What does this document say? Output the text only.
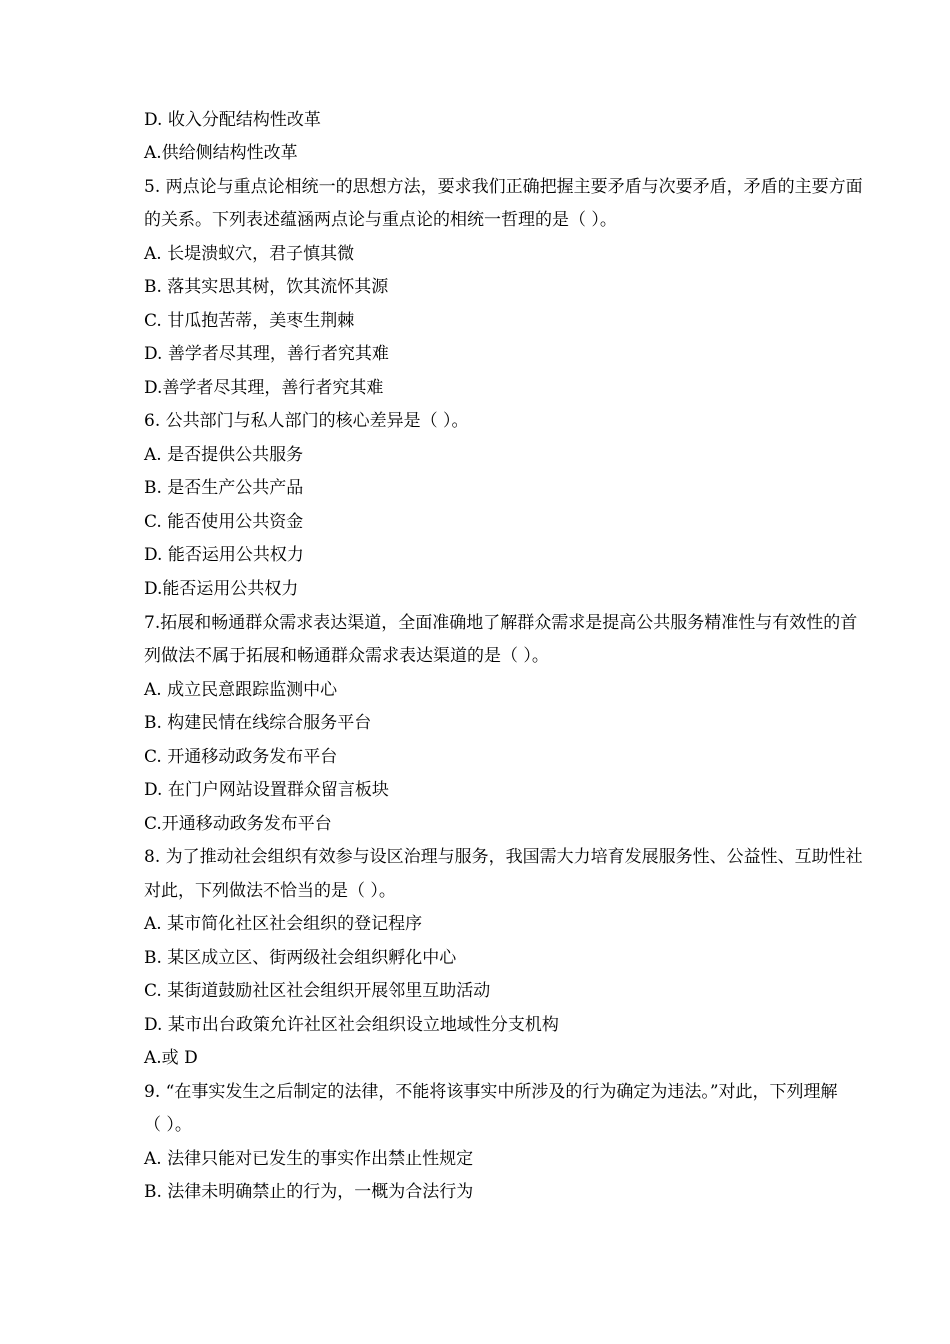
D. 收入分配结构性改革
A.供给侧结构性改革
5. 两点论与重点论相统一的思想方法，要求我们正确把握主要矛盾与次要矛盾，矛盾的主要方面
的关系。下列表述蕴涵两点论与重点论的相统一哲理的是（ ）。
A. 长堤溃蚁穴，君子慎其微
B. 落其实思其树，饮其流怀其源
C. 甘瓜抱苦蒂，美枣生荆棘
D. 善学者尽其理，善行者究其难
D.善学者尽其理，善行者究其难
6. 公共部门与私人部门的核心差异是（ ）。
A. 是否提供公共服务
B. 是否生产公共产品
C. 能否使用公共资金
D. 能否运用公共权力
D.能否运用公共权力
7.拓展和畅通群众需求表达渠道，全面准确地了解群众需求是提高公共服务精准性与有效性的首
列做法不属于拓展和畅通群众需求表达渠道的是（ ）。
A. 成立民意跟踪监测中心
B. 构建民情在线综合服务平台
C. 开通移动政务发布平台
D. 在门户网站设置群众留言板块
C.开通移动政务发布平台
8. 为了推动社会组织有效参与设区治理与服务，我国需大力培育发展服务性、公益性、互助性社
对此，下列做法不恰当的是（ ）。
A. 某市简化社区社会组织的登记程序
B. 某区成立区、街两级社会组织孵化中心
C. 某街道鼓励社区社会组织开展邻里互助活动
D. 某市出台政策允许社区社会组织设立地域性分支机构
A.或 D
9. “在事实发生之后制定的法律，不能将该事实中所涉及的行为确定为违法。”对此，下列理解
（ ）。
A. 法律只能对已发生的事实作出禁止性规定
B. 法律未明确禁止的行为，一概为合法行为
